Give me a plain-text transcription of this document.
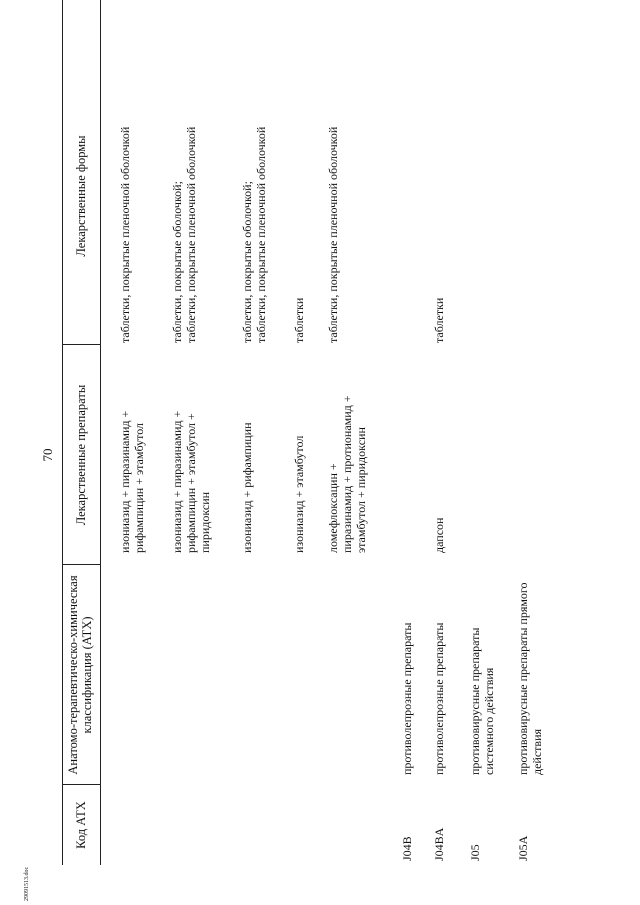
70
Код АТХ
Анатомо-терапевтическо-химическая
классификация (АТХ)
Лекарственные препараты
Лекарственные формы
изониазид + пиразинамид +
рифампицин + этамбутол
таблетки, покрытые пленочной оболочкой
изониазид + пиразинамид +
рифампицин + этамбутол +
пиридоксин
таблетки, покрытые оболочкой;
таблетки, покрытые пленочной оболочкой
изониазид + рифампицин
таблетки, покрытые оболочкой;
таблетки, покрытые пленочной оболочкой
изониазид + этамбутол
таблетки
ломефлоксацин +
пиразинамид + протионамид +
этамбутол + пиридоксин
таблетки, покрытые пленочной оболочкой
J04B
противолепрозные препараты
J04BA
противолепрозные препараты
дапсон
таблетки
J05
противовирусные препараты
системного действия
J05A
противовирусные препараты прямого
действия
29091513.doc
